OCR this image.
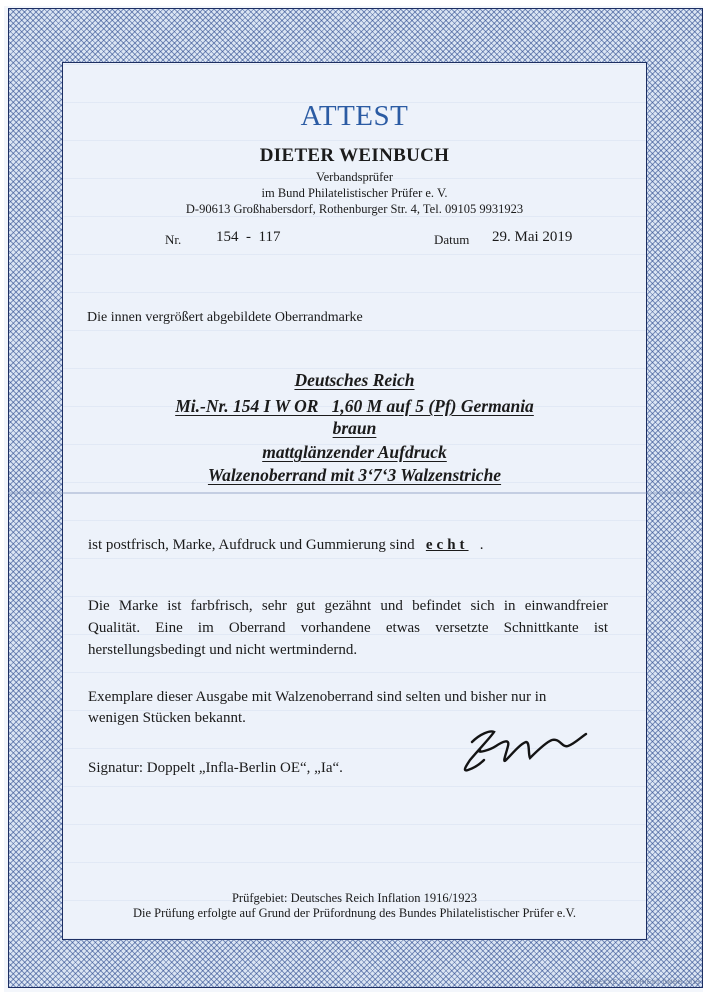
ATTEST
DIETER WEINBUCH
Verbandsprüfer
im Bund Philatelistischer Prüfer e. V.
D-90613 Großhabersdorf, Rothenburger Str. 4, Tel. 09105 9931923
Nr. 154  -  117	Datum 29. Mai 2019
Die innen vergrößert abgebildete Oberrandmarke
Deutsches Reich
Mi.-Nr. 154 I W OR   1,60 M auf 5 (Pf) Germania
braun
mattglänzender Aufdruck
Walzenoberrand mit 3‘7‘3 Walzenstriche
ist postfrisch, Marke, Aufdruck und Gummierung sind echt .
Die Marke ist farbfrisch, sehr gut gezähnt und befindet sich in einwandfreier
Qualität. Eine im Oberrand vorhandene etwas versetzte Schnittkante ist
herstellungsbedingt und nicht wertmindernd.
Exemplare dieser Ausgabe mit Walzenoberrand sind selten und bisher nur in
wenigen Stücken bekannt.
Signatur: Doppelt „Infla-Berlin OE“, „Ia“.
Prüfgebiet: Deutsches Reich Inflation 1916/1923
Die Prüfung erfolgte auf Grund der Prüfordnung des Bundes Philatelistischer Prüfer e.V.
© GIESECKE & DEVRIENT GMBH 2015
